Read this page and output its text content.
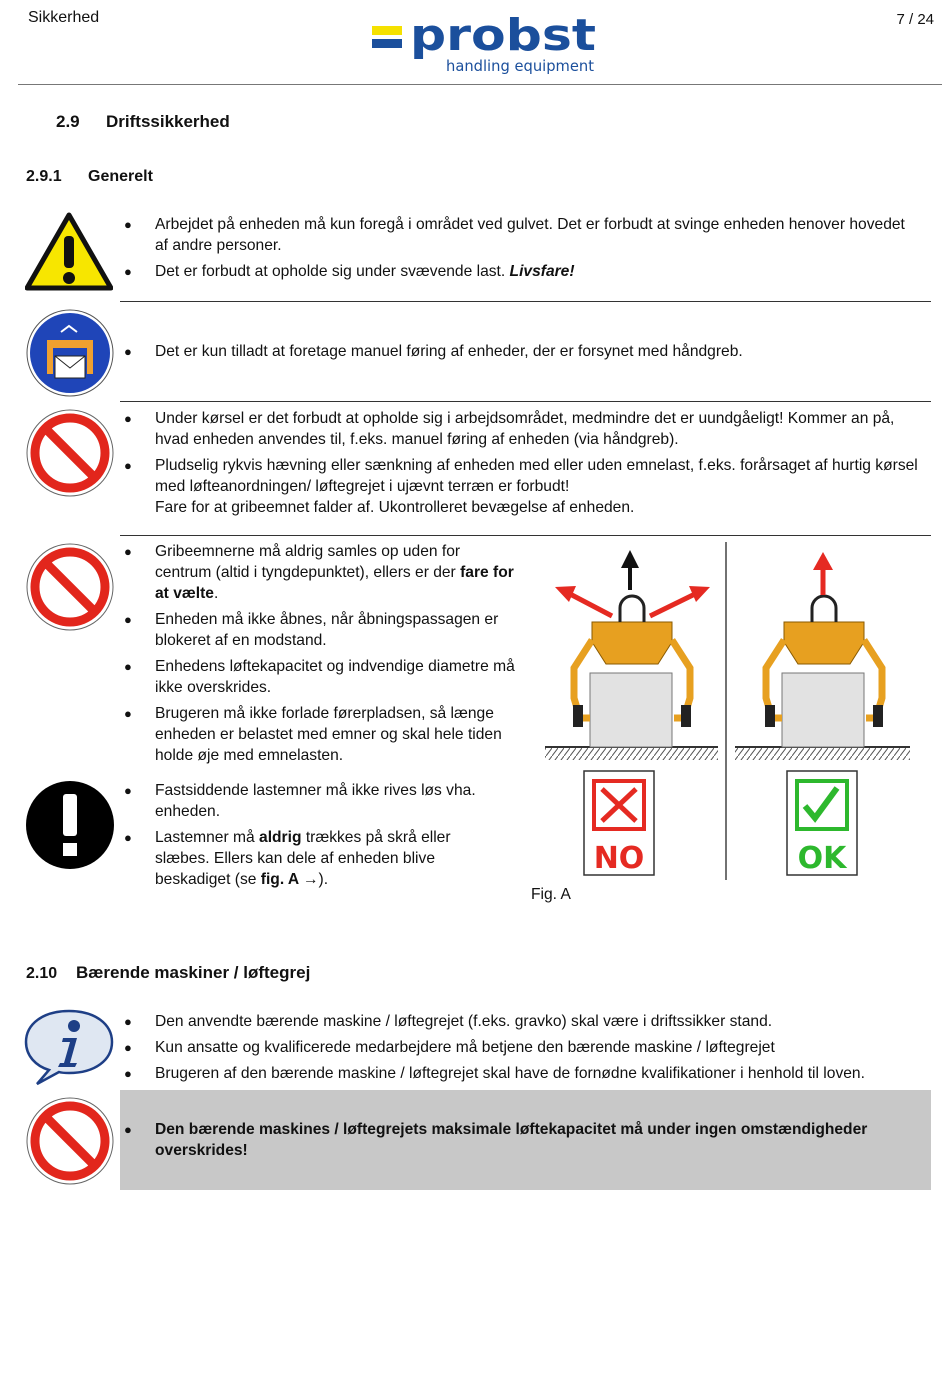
Sikkerhed	7 / 24
probst
handling equipment
2.9 Driftssikkerhed
2.9.1 Generelt
● Arbejdet på enheden må kun foregå i området ved gulvet. Det er forbudt at svinge enheden henover hovedet af andre personer.
● Det er forbudt at opholde sig under svævende last. Livsfare!
● Det er kun tilladt at foretage manuel føring af enheder, der er forsynet med håndgreb.
● Under kørsel er det forbudt at opholde sig i arbejdsområdet, medmindre det er uundgåeligt! Kommer an på, hvad enheden anvendes til, f.eks. manuel føring af enheden (via håndgreb).
● Pludselig rykvis hævning eller sænkning af enheden med eller uden emnelast, f.eks. forårsaget af hurtig kørsel med løfteanordningen/ løftegrejet i ujævnt terræn er forbudt!
Fare for at gribeemnet falder af. Ukontrolleret bevægelse af enheden.
● Gribeemnerne må aldrig samles op uden for centrum (altid i tyngdepunktet), ellers er der fare for at vælte.
● Enheden må ikke åbnes, når åbningspassagen er blokeret af en modstand.
● Enhedens løftekapacitet og indvendige diametre må ikke overskrides.
● Brugeren må ikke forlade førerpladsen, så længe enheden er belastet med emner og skal hele tiden holde øje med emnelasten.
● Fastsiddende lastemner må ikke rives løs vha. enheden.
● Lastemner må aldrig trækkes på skrå eller slæbes. Ellers kan dele af enheden blive beskadiget (se fig. A →).
NO	OK
Fig. A
2.10 Bærende maskiner / løftegrej
● Den anvendte bærende maskine / løftegrejet (f.eks. gravko) skal være i driftssikker stand.
● Kun ansatte og kvalificerede medarbejdere må betjene den bærende maskine / løftegrejet
● Brugeren af den bærende maskine / løftegrejet skal have de fornødne kvalifikationer i henhold til loven.
● Den bærende maskines / løftegrejets maksimale løftekapacitet må under ingen omstændigheder overskrides!
